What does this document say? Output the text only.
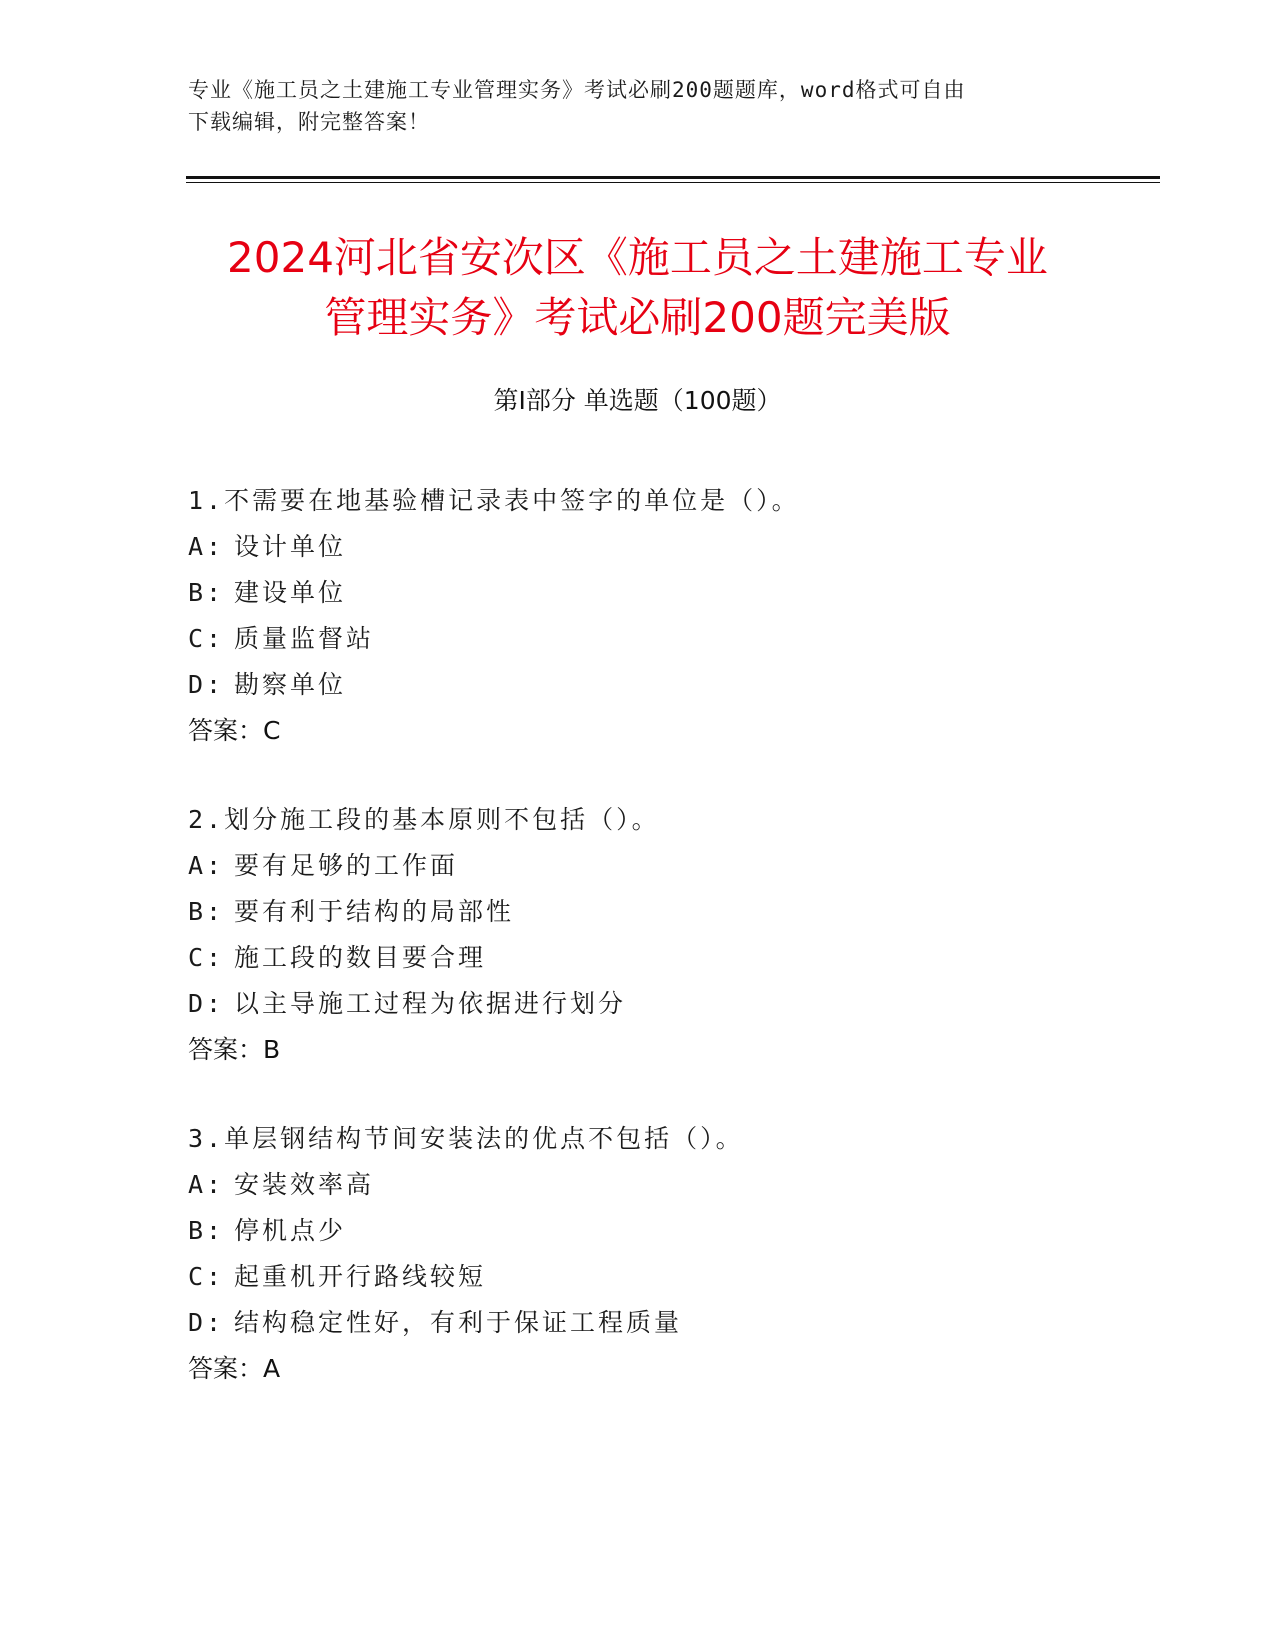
专业《施工员之土建施工专业管理实务》考试必刷200题题库，word格式可自由
下载编辑，附完整答案！
2024河北省安次区《施工员之土建施工专业
管理实务》考试必刷200题完美版
第Ⅰ部分 单选题（100题）
1.不需要在地基验槽记录表中签字的单位是（）。
A: 设计单位
B: 建设单位
C: 质量监督站
D: 勘察单位
答案：C
2.划分施工段的基本原则不包括（）。
A: 要有足够的工作面
B: 要有利于结构的局部性
C: 施工段的数目要合理
D: 以主导施工过程为依据进行划分
答案：B
3.单层钢结构节间安装法的优点不包括（）。
A: 安装效率高
B: 停机点少
C: 起重机开行路线较短
D: 结构稳定性好，有利于保证工程质量
答案：A
